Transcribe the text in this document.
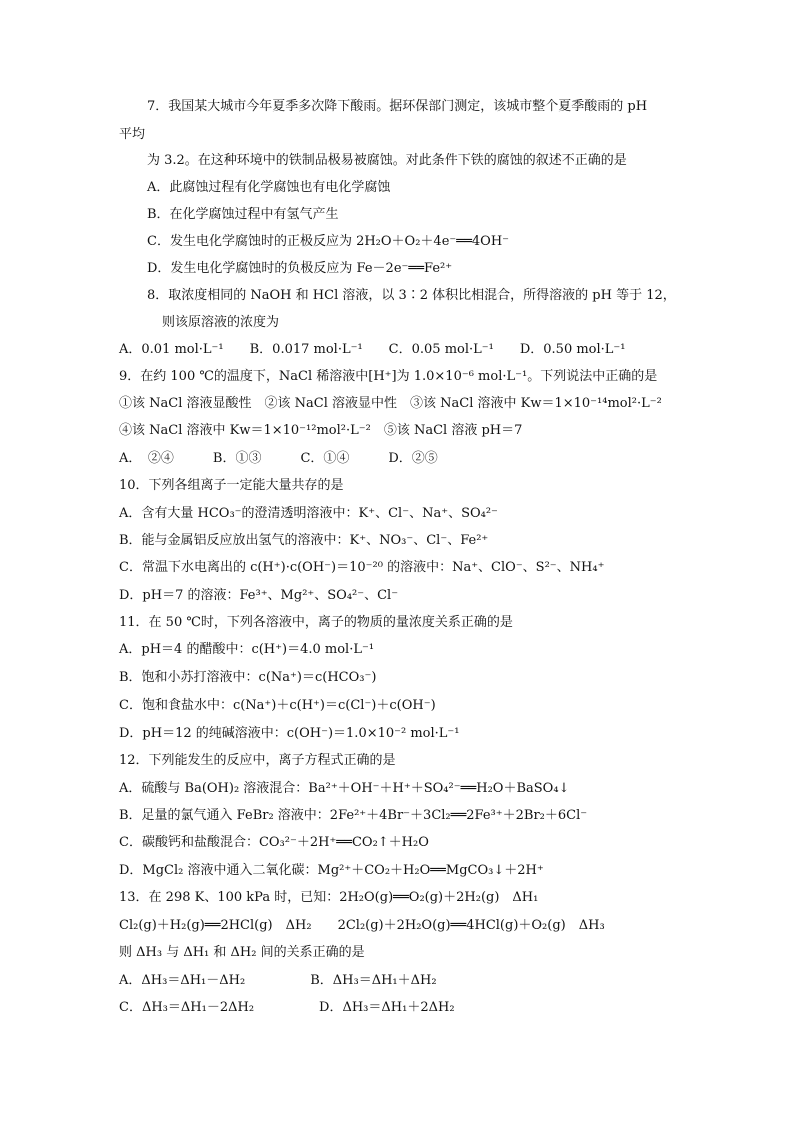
7．我国某大城市今年夏季多次降下酸雨。据环保部门测定，该城市整个夏季酸雨的 pH
平均
为 3.2。在这种环境中的铁制品极易被腐蚀。对此条件下铁的腐蚀的叙述不正确的是
A．此腐蚀过程有化学腐蚀也有电化学腐蚀
B．在化学腐蚀过程中有氢气产生
C．发生电化学腐蚀时的正极反应为 2H₂O＋O₂＋4e⁻══4OH⁻
D．发生电化学腐蚀时的负极反应为 Fe－2e⁻══Fe²⁺
8．取浓度相同的 NaOH 和 HCl 溶液，以 3∶2 体积比相混合，所得溶液的 pH 等于 12，
则该原溶液的浓度为
A．0.01 mol·L⁻¹　　B．0.017 mol·L⁻¹　　C．0.05 mol·L⁻¹　　D．0.50 mol·L⁻¹
9．在约 100 ℃的温度下，NaCl 稀溶液中[H⁺]为 1.0×10⁻⁶ mol·L⁻¹。下列说法中正确的是
①该 NaCl 溶液显酸性　②该 NaCl 溶液显中性　③该 NaCl 溶液中 Kw＝1×10⁻¹⁴mol²·L⁻²
④该 NaCl 溶液中 Kw＝1×10⁻¹²mol²·L⁻²　⑤该 NaCl 溶液 pH＝7
A．　②④　　　B．①③　　　C．①④　　　D．②⑤
10．下列各组离子一定能大量共存的是
A．含有大量 HCO₃⁻的澄清透明溶液中：K⁺、Cl⁻、Na⁺、SO₄²⁻
B．能与金属铝反应放出氢气的溶液中：K⁺、NO₃⁻、Cl⁻、Fe²⁺
C．常温下水电离出的 c(H⁺)·c(OH⁻)＝10⁻²⁰ 的溶液中：Na⁺、ClO⁻、S²⁻、NH₄⁺
D．pH＝7 的溶液：Fe³⁺、Mg²⁺、SO₄²⁻、Cl⁻
11．在 50 ℃时，下列各溶液中，离子的物质的量浓度关系正确的是
A．pH＝4 的醋酸中：c(H⁺)＝4.0 mol·L⁻¹
B．饱和小苏打溶液中：c(Na⁺)＝c(HCO₃⁻)
C．饱和食盐水中：c(Na⁺)＋c(H⁺)＝c(Cl⁻)＋c(OH⁻)
D．pH＝12 的纯碱溶液中：c(OH⁻)＝1.0×10⁻² mol·L⁻¹
12．下列能发生的反应中，离子方程式正确的是
A．硫酸与 Ba(OH)₂ 溶液混合：Ba²⁺＋OH⁻＋H⁺＋SO₄²⁻══H₂O＋BaSO₄↓
B．足量的氯气通入 FeBr₂ 溶液中：2Fe²⁺＋4Br⁻＋3Cl₂══2Fe³⁺＋2Br₂＋6Cl⁻
C．碳酸钙和盐酸混合：CO₃²⁻＋2H⁺══CO₂↑＋H₂O
D．MgCl₂ 溶液中通入二氧化碳：Mg²⁺＋CO₂＋H₂O══MgCO₃↓＋2H⁺
13．在 298 K、100 kPa 时，已知：2H₂O(g)══O₂(g)＋2H₂(g)　ΔH₁
Cl₂(g)＋H₂(g)══2HCl(g)　ΔH₂　　2Cl₂(g)＋2H₂O(g)══4HCl(g)＋O₂(g)　ΔH₃
则 ΔH₃ 与 ΔH₁ 和 ΔH₂ 间的关系正确的是
A．ΔH₃＝ΔH₁－ΔH₂　　　　　B．ΔH₃＝ΔH₁＋ΔH₂
C．ΔH₃＝ΔH₁－2ΔH₂　　　　　D．ΔH₃＝ΔH₁＋2ΔH₂
